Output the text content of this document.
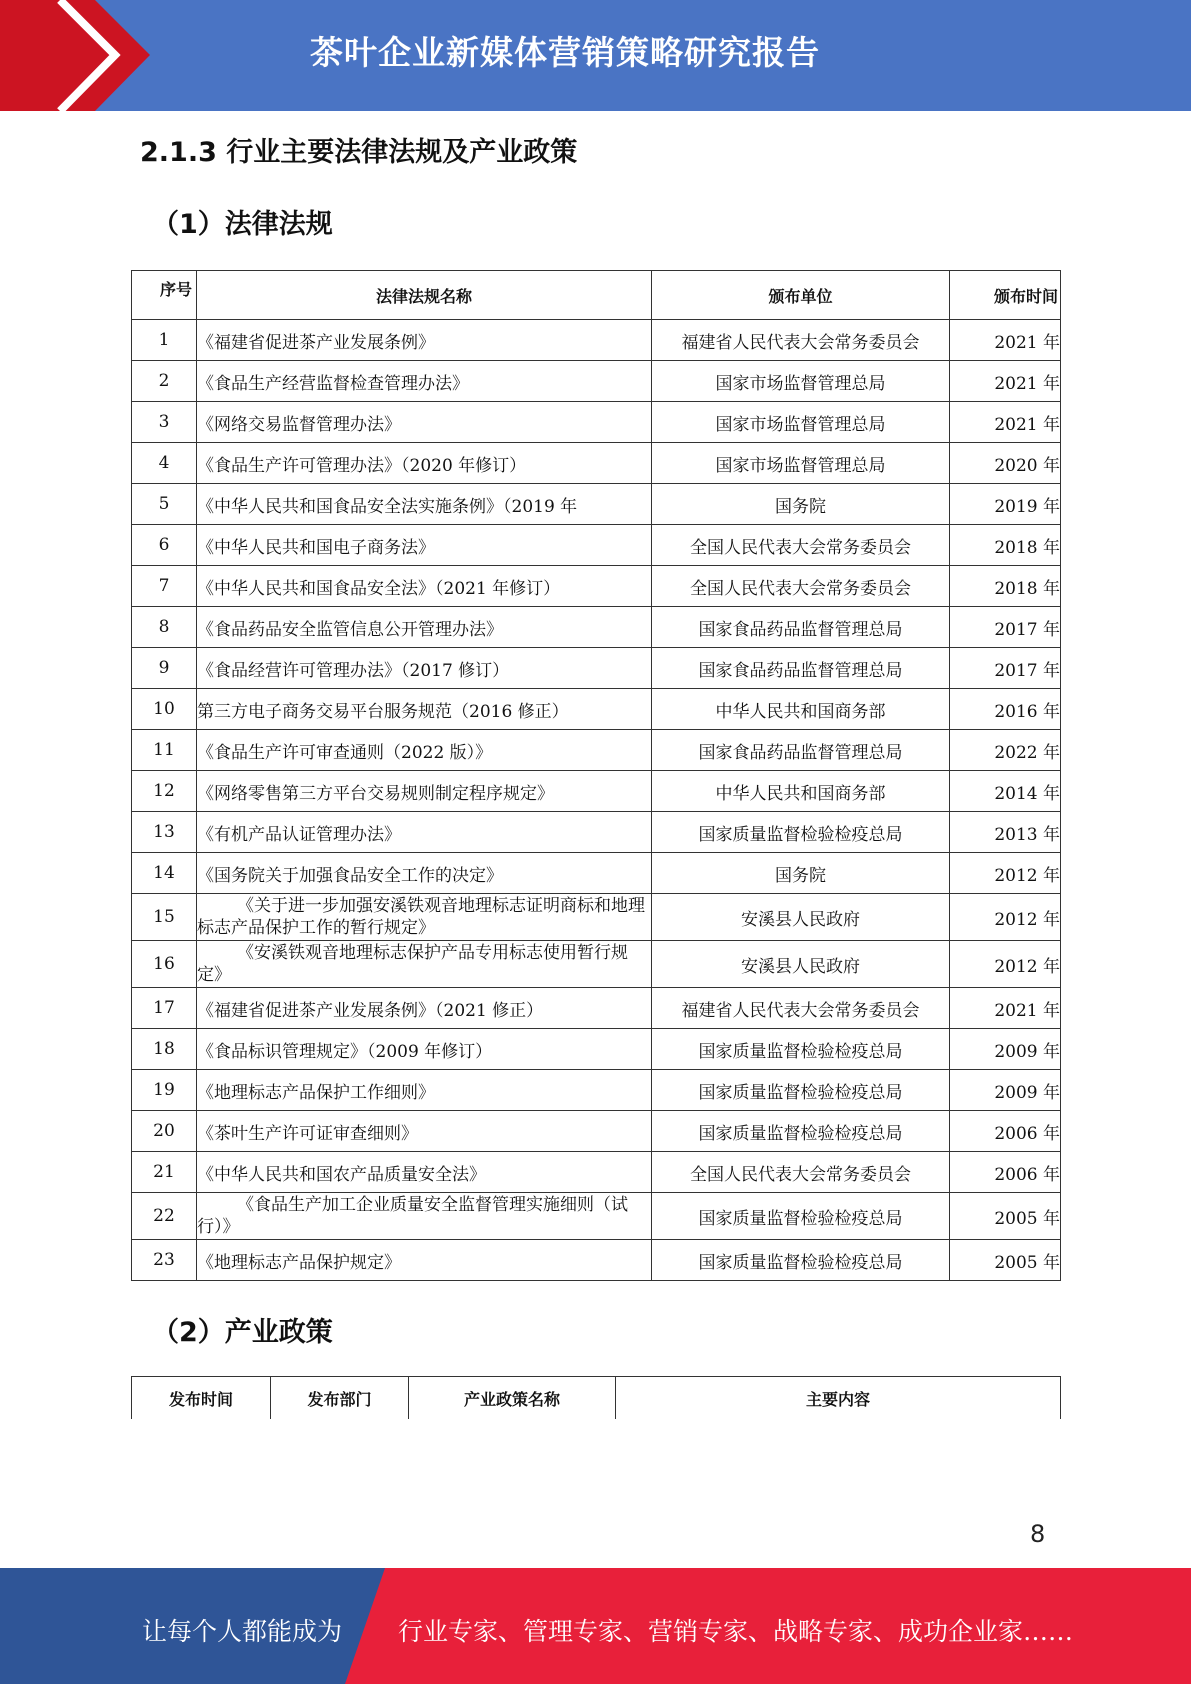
茶叶企业新媒体营销策略研究报告
2.1.3 行业主要法律法规及产业政策
（1）法律法规
序号	法律法规名称	颁布单位	颁布时间
1	《福建省促进茶产业发展条例》	福建省人民代表大会常务委员会	2021 年
2	《食品生产经营监督检查管理办法》	国家市场监督管理总局	2021 年
3	《网络交易监督管理办法》	国家市场监督管理总局	2021 年
4	《食品生产许可管理办法》（2020 年修订）	国家市场监督管理总局	2020 年
5	《中华人民共和国食品安全法实施条例》（2019 年	国务院	2019 年
6	《中华人民共和国电子商务法》	全国人民代表大会常务委员会	2018 年
7	《中华人民共和国食品安全法》（2021 年修订）	全国人民代表大会常务委员会	2018 年
8	《食品药品安全监管信息公开管理办法》	国家食品药品监督管理总局	2017 年
9	《食品经营许可管理办法》（2017 修订）	国家食品药品监督管理总局	2017 年
10	第三方电子商务交易平台服务规范（2016 修正）	中华人民共和国商务部	2016 年
11	《食品生产许可审查通则（2022 版）》	国家食品药品监督管理总局	2022 年
12	《网络零售第三方平台交易规则制定程序规定》	中华人民共和国商务部	2014 年
13	《有机产品认证管理办法》	国家质量监督检验检疫总局	2013 年
14	《国务院关于加强食品安全工作的决定》	国务院	2012 年
15	《关于进一步加强安溪铁观音地理标志证明商标和地理 标志产品保护工作的暂行规定》	安溪县人民政府	2012 年
16	《安溪铁观音地理标志保护产品专用标志使用暂行规定》	安溪县人民政府	2012 年
17	《福建省促进茶产业发展条例》（2021 修正）	福建省人民代表大会常务委员会	2021 年
18	《食品标识管理规定》（2009 年修订）	国家质量监督检验检疫总局	2009 年
19	《地理标志产品保护工作细则》	国家质量监督检验检疫总局	2009 年
20	《茶叶生产许可证审查细则》	国家质量监督检验检疫总局	2006 年
21	《中华人民共和国农产品质量安全法》	全国人民代表大会常务委员会	2006 年
22	《食品生产加工企业质量安全监督管理实施细则（试行）》	国家质量监督检验检疫总局	2005 年
23	《地理标志产品保护规定》	国家质量监督检验检疫总局	2005 年
（2）产业政策
发布时间	发布部门	产业政策名称	主要内容
8
让每个人都能成为 行业专家、管理专家、营销专家、战略专家、成功企业家……
